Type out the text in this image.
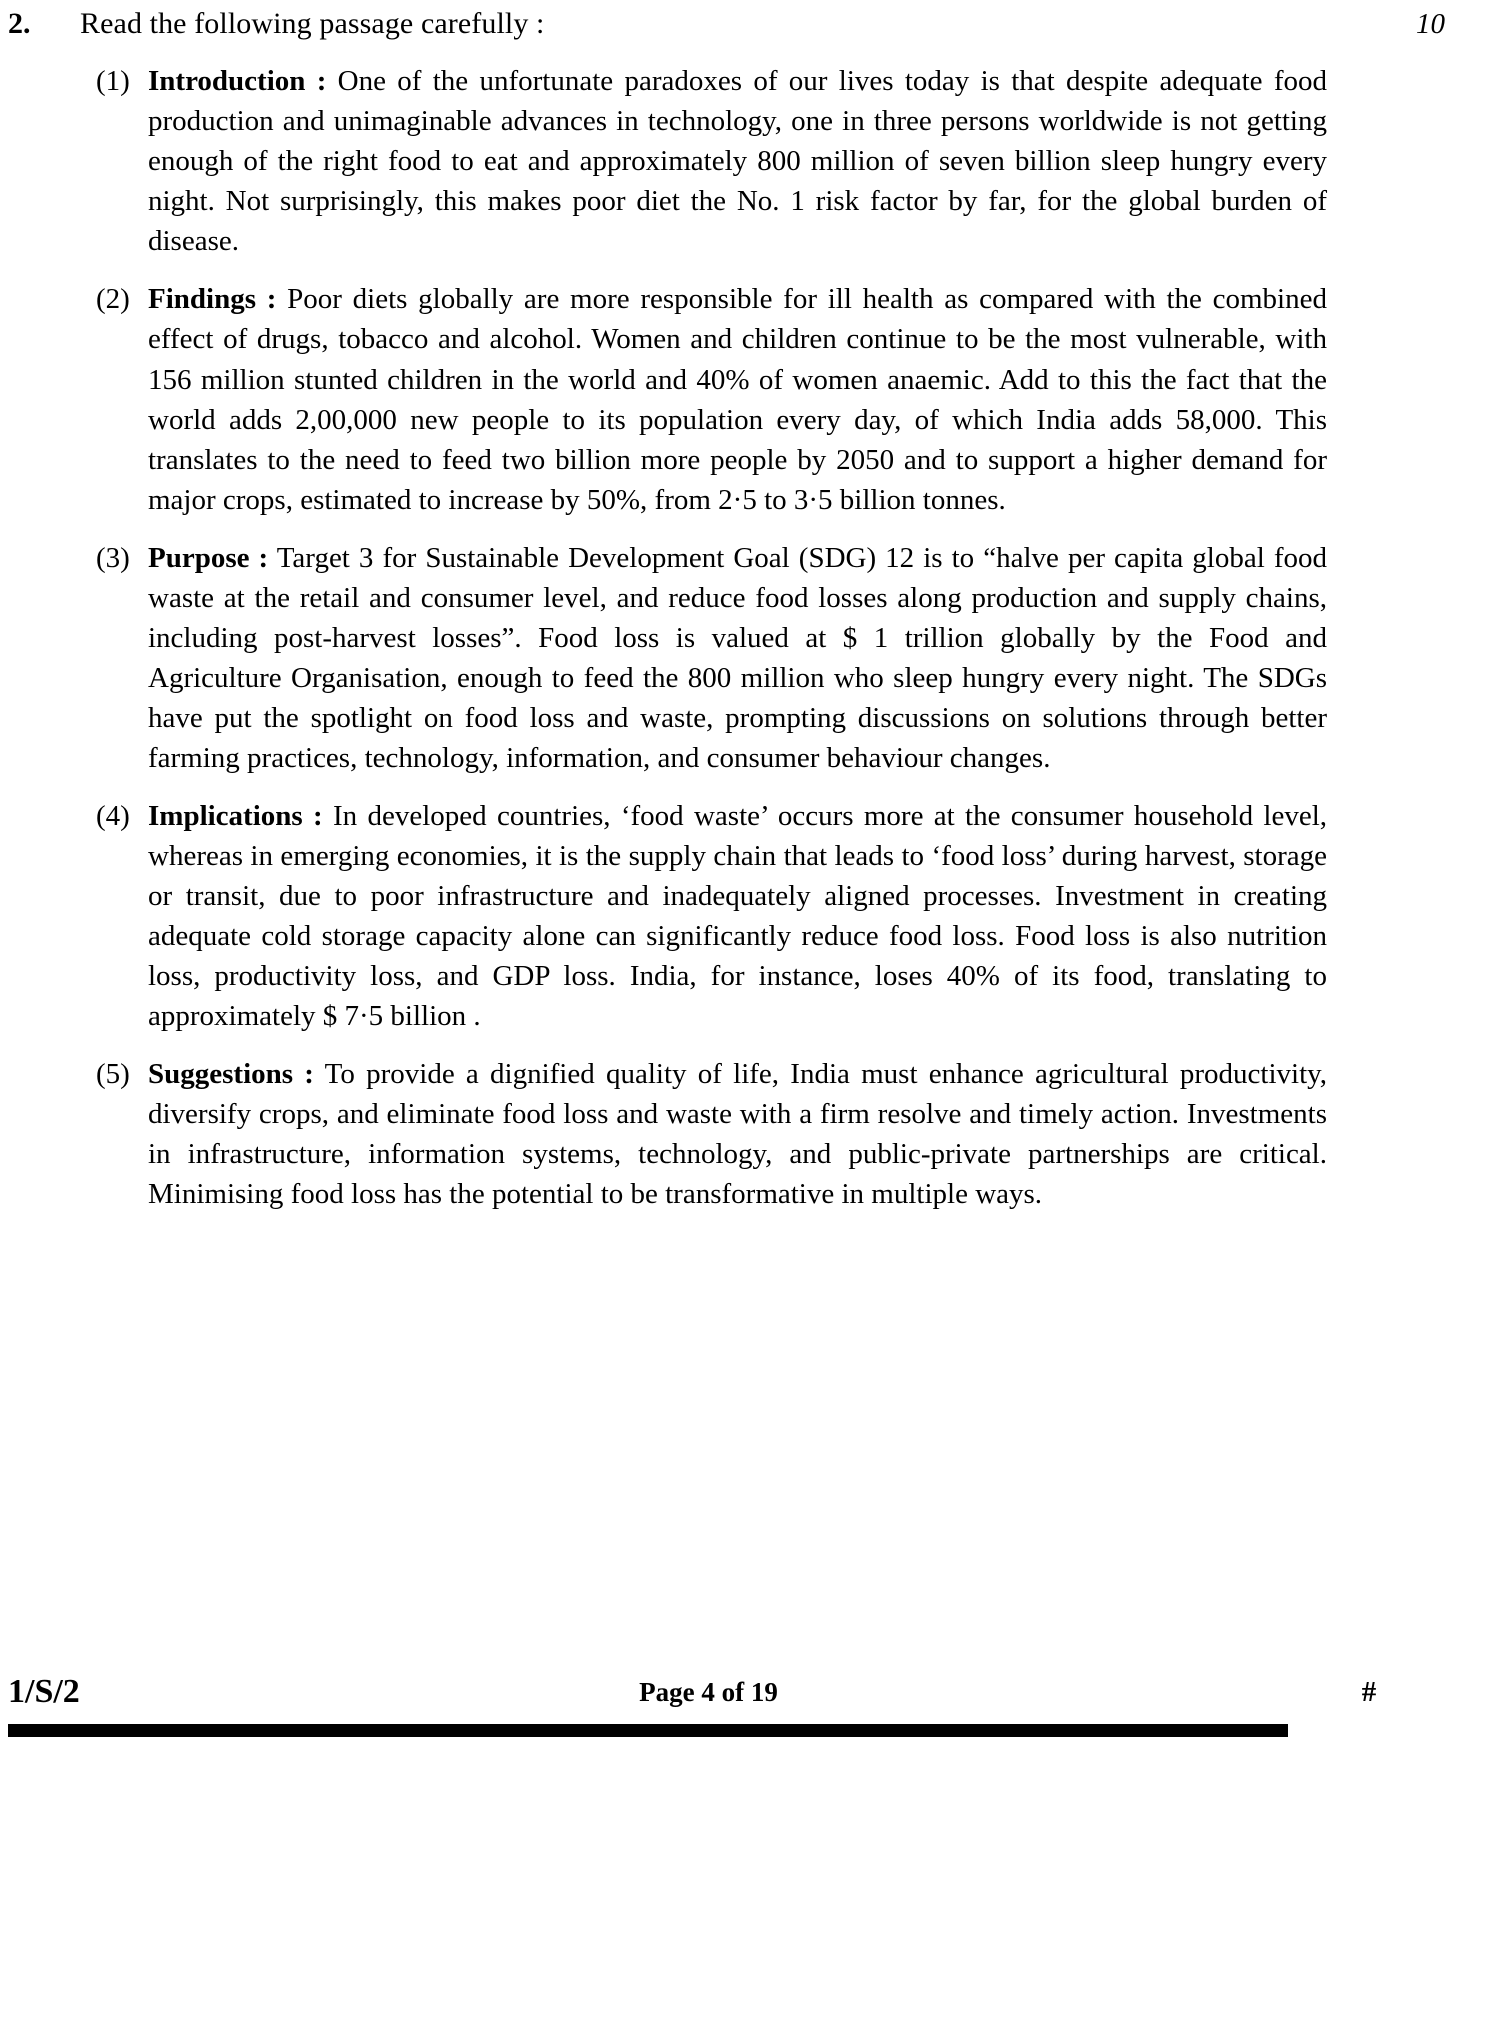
2.	Read the following passage carefully :	10
(1) Introduction : One of the unfortunate paradoxes of our lives today is that despite adequate food production and unimaginable advances in technology, one in three persons worldwide is not getting enough of the right food to eat and approximately 800 million of seven billion sleep hungry every night. Not surprisingly, this makes poor diet the No. 1 risk factor by far, for the global burden of disease.
(2) Findings : Poor diets globally are more responsible for ill health as compared with the combined effect of drugs, tobacco and alcohol. Women and children continue to be the most vulnerable, with 156 million stunted children in the world and 40% of women anaemic. Add to this the fact that the world adds 2,00,000 new people to its population every day, of which India adds 58,000. This translates to the need to feed two billion more people by 2050 and to support a higher demand for major crops, estimated to increase by 50%, from 2·5 to 3·5 billion tonnes.
(3) Purpose : Target 3 for Sustainable Development Goal (SDG) 12 is to “halve per capita global food waste at the retail and consumer level, and reduce food losses along production and supply chains, including post-harvest losses”. Food loss is valued at $ 1 trillion globally by the Food and Agriculture Organisation, enough to feed the 800 million who sleep hungry every night. The SDGs have put the spotlight on food loss and waste, prompting discussions on solutions through better farming practices, technology, information, and consumer behaviour changes.
(4) Implications : In developed countries, ‘food waste’ occurs more at the consumer household level, whereas in emerging economies, it is the supply chain that leads to ‘food loss’ during harvest, storage or transit, due to poor infrastructure and inadequately aligned processes. Investment in creating adequate cold storage capacity alone can significantly reduce food loss. Food loss is also nutrition loss, productivity loss, and GDP loss. India, for instance, loses 40% of its food, translating to approximately $ 7·5 billion .
(5) Suggestions : To provide a dignified quality of life, India must enhance agricultural productivity, diversify crops, and eliminate food loss and waste with a firm resolve and timely action. Investments in infrastructure, information systems, technology, and public-private partnerships are critical. Minimising food loss has the potential to be transformative in multiple ways.
1/S/2	Page 4 of 19	#
